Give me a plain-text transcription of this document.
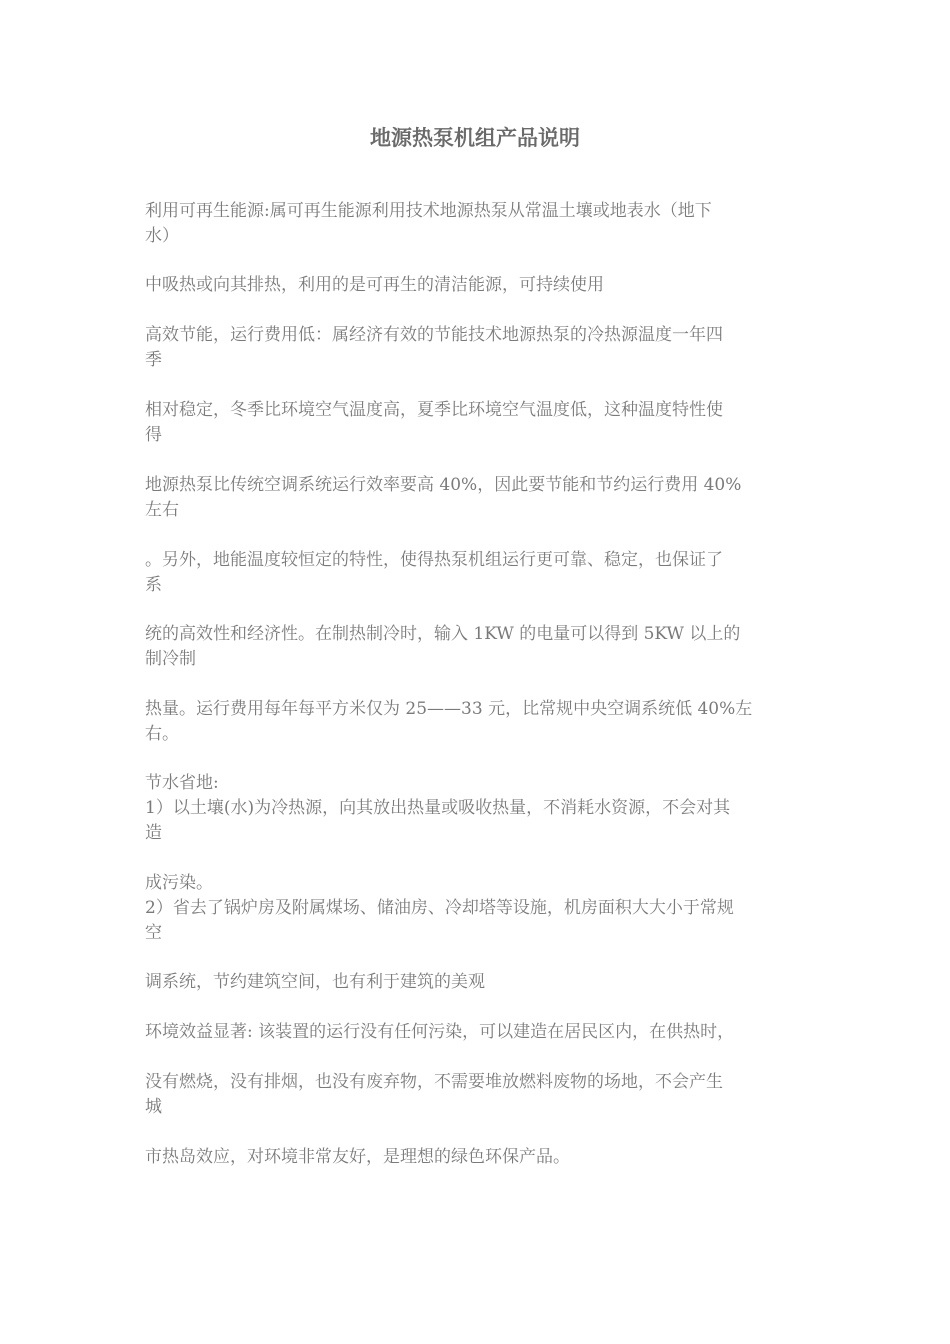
地源热泵机组产品说明

利用可再生能源:属可再生能源利用技术地源热泵从常温土壤或地表水（地下
水）

中吸热或向其排热，利用的是可再生的清洁能源，可持续使用

高效节能，运行费用低：属经济有效的节能技术地源热泵的冷热源温度一年四
季

相对稳定，冬季比环境空气温度高，夏季比环境空气温度低，这种温度特性使
得

地源热泵比传统空调系统运行效率要高 40%，因此要节能和节约运行费用 40%
左右

。另外，地能温度较恒定的特性，使得热泵机组运行更可靠、稳定，也保证了
系

统的高效性和经济性。在制热制冷时，输入 1KW 的电量可以得到 5KW 以上的
制冷制

热量。运行费用每年每平方米仅为 25——33 元，比常规中央空调系统低 40%左
右。

节水省地:
1）以土壤(水)为冷热源，向其放出热量或吸收热量，不消耗水资源，不会对其
造

成污染。
2）省去了锅炉房及附属煤场、储油房、冷却塔等设施，机房面积大大小于常规
空

调系统，节约建筑空间，也有利于建筑的美观

环境效益显著: 该装置的运行没有任何污染，可以建造在居民区内，在供热时，

没有燃烧，没有排烟，也没有废弃物，不需要堆放燃料废物的场地，不会产生
城

市热岛效应，对环境非常友好，是理想的绿色环保产品。
